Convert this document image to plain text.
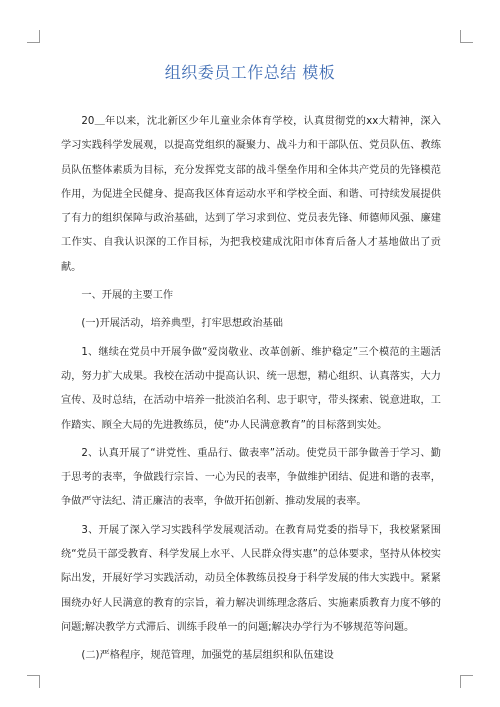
组织委员工作总结 模板

20＿年以来，沈北新区少年儿童业余体育学校，认真贯彻党的xx大精神，深入学习实践科学发展观，以提高党组织的凝聚力、战斗力和干部队伍、党员队伍、教练员队伍整体素质为目标，充分发挥党支部的战斗堡垒作用和全体共产党员的先锋模范作用，为促进全民健身、提高我区体育运动水平和学校全面、和谐、可持续发展提供了有力的组织保障与政治基础，达到了学习求到位、党员表先锋、师德师风强、廉建工作实、自我认识深的工作目标，为把我校建成沈阳市体育后备人才基地做出了贡献。

一、开展的主要工作

(一)开展活动，培养典型，打牢思想政治基础

1、继续在党员中开展争做“爱岗敬业、改革创新、维护稳定”三个模范的主题活动，努力扩大成果。我校在活动中提高认识、统一思想，精心组织、认真落实，大力宣传、及时总结，在活动中培养一批淡泊名利、忠于职守，带头探索、锐意进取，工作踏实、顾全大局的先进教练员，使“办人民满意教育”的目标落到实处。

2、认真开展了“讲党性、重品行、做表率”活动。使党员干部争做善于学习、勤于思考的表率，争做践行宗旨、一心为民的表率，争做维护团结、促进和谐的表率，争做严守法纪、清正廉洁的表率，争做开拓创新、推动发展的表率。

3、开展了深入学习实践科学发展观活动。在教育局党委的指导下，我校紧紧围绕“党员干部受教育、科学发展上水平、人民群众得实惠”的总体要求，坚持从体校实际出发，开展好学习实践活动，动员全体教练员投身于科学发展的伟大实践中。紧紧围绕办好人民满意的教育的宗旨，着力解决训练理念落后、实施素质教育力度不够的问题;解决教学方式滞后、训练手段单一的问题;解决办学行为不够规范等问题。

(二)严格程序，规范管理，加强党的基层组织和队伍建设
